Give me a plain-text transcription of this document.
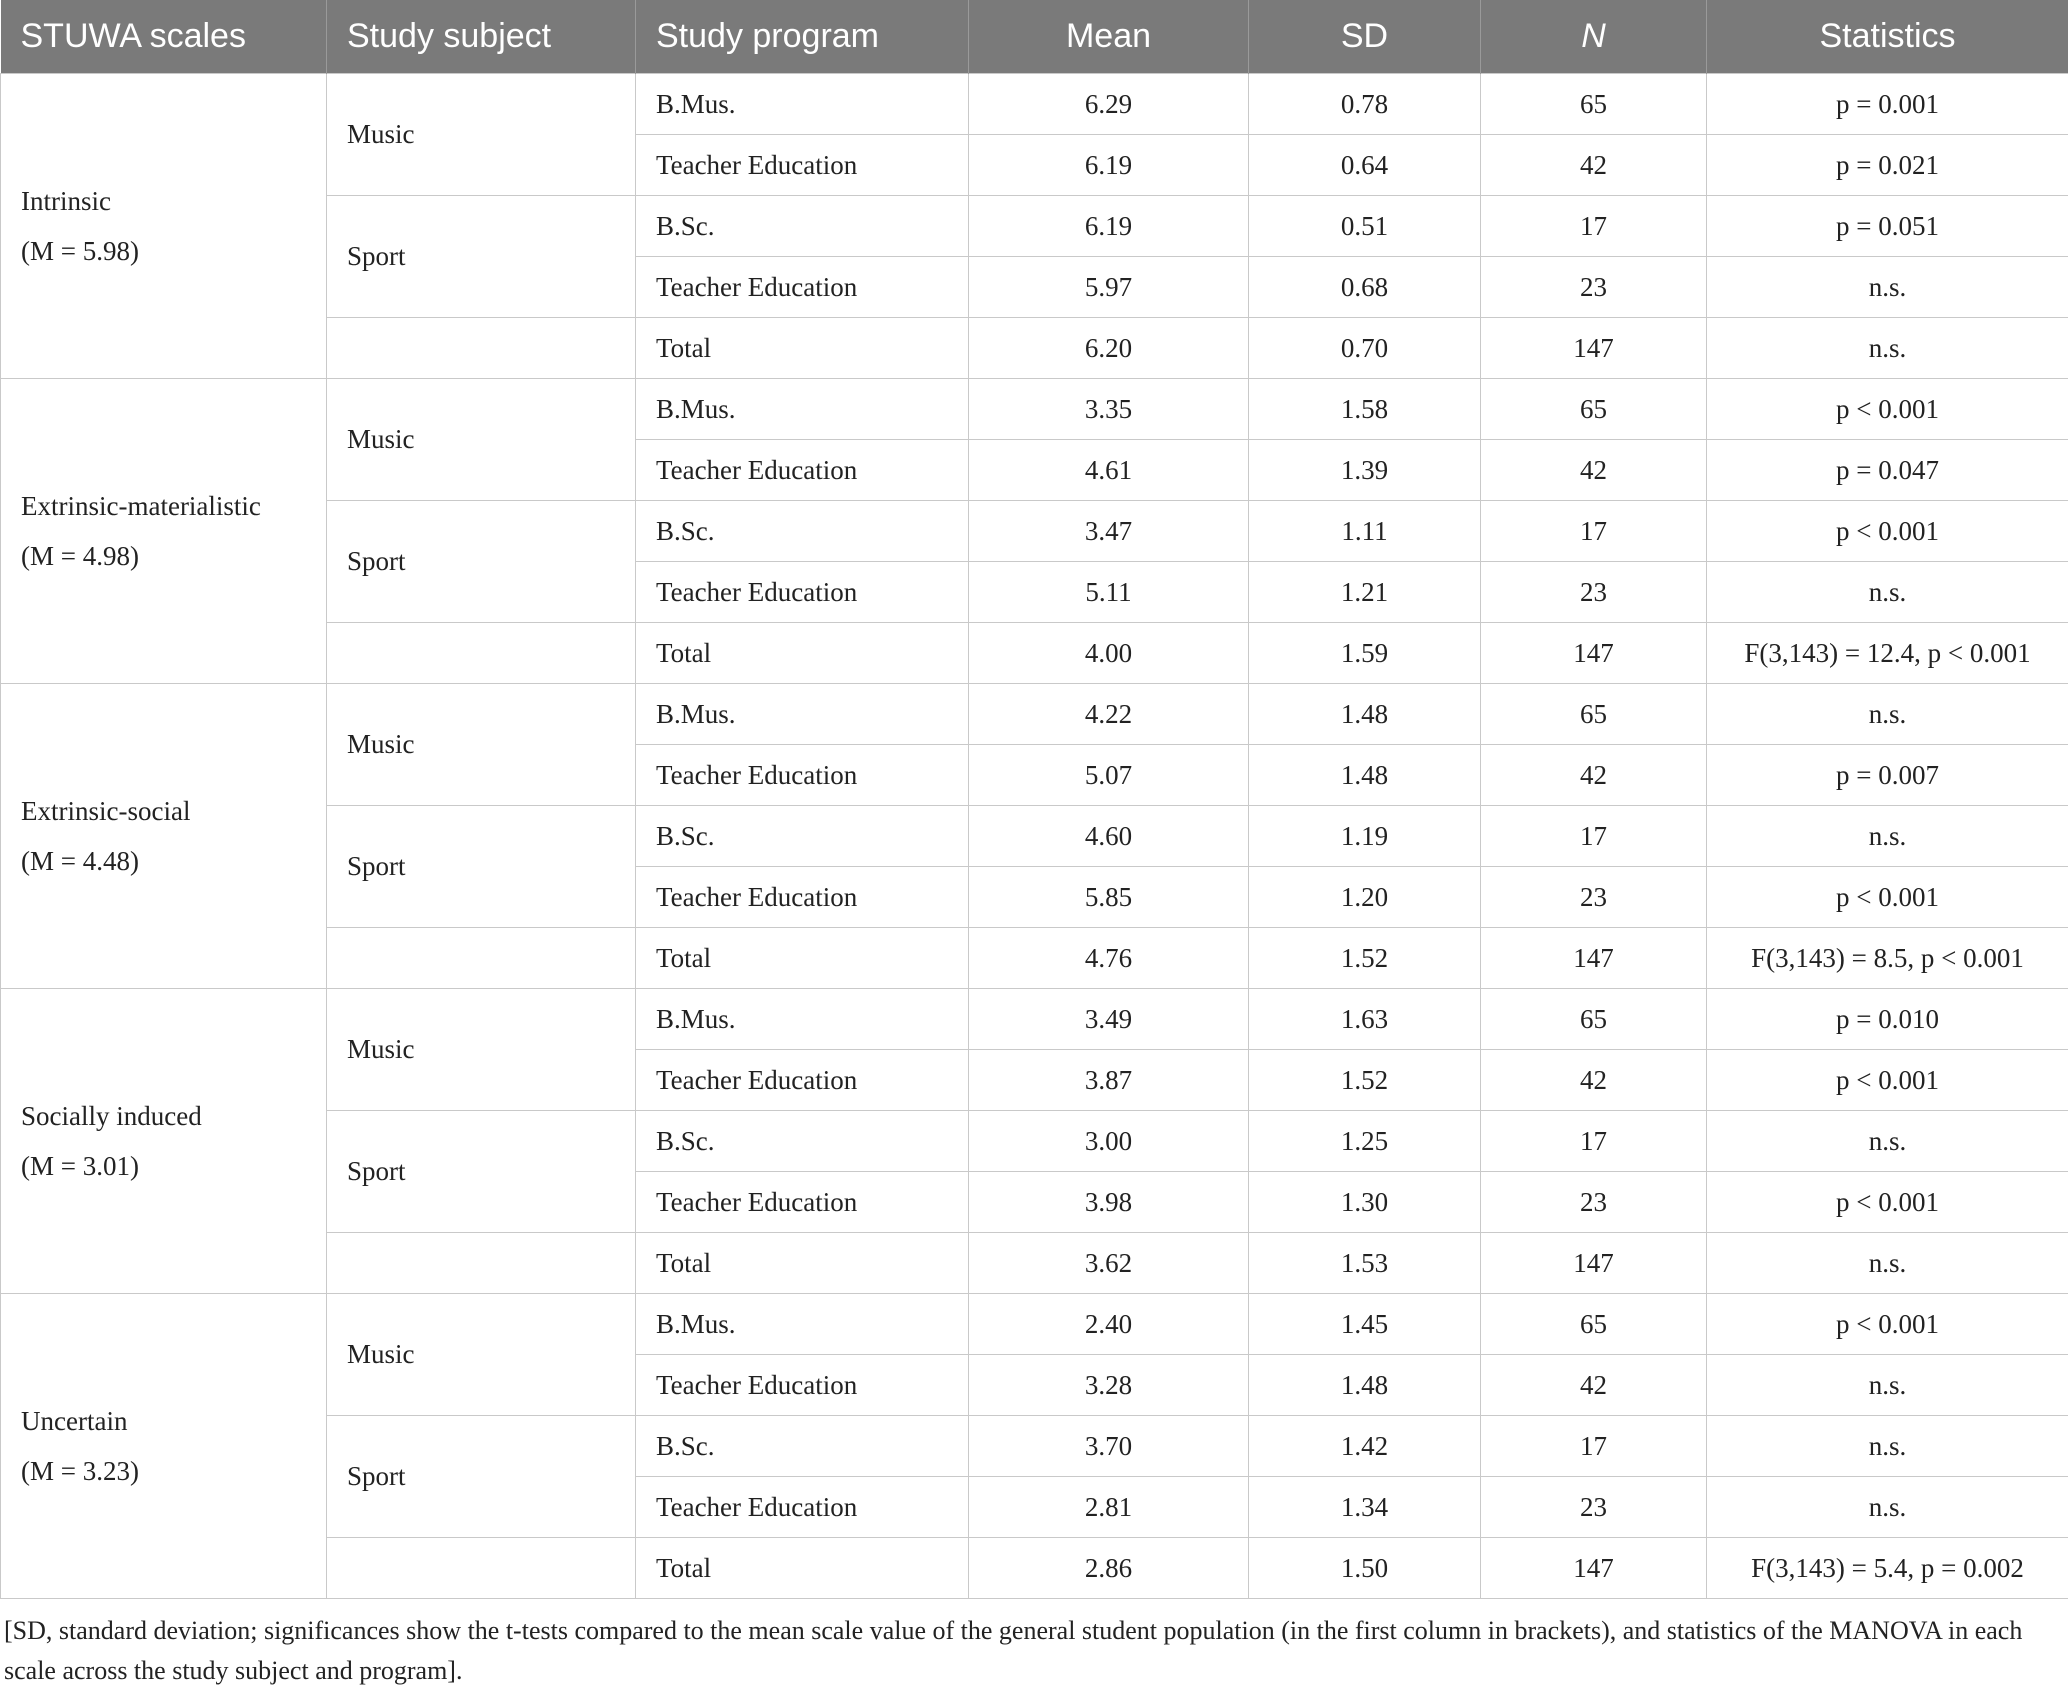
STUWA scales	Study subject	Study program	Mean	SD	N	Statistics

Intrinsic
(M = 5.98)	Music	B.Mus.	6.29	0.78	65	p = 0.001
		Teacher Education	6.19	0.64	42	p = 0.021
	Sport	B.Sc.	6.19	0.51	17	p = 0.051
		Teacher Education	5.97	0.68	23	n.s.
		Total	6.20	0.70	147	n.s.

Extrinsic-materialistic
(M = 4.98)	Music	B.Mus.	3.35	1.58	65	p < 0.001
		Teacher Education	4.61	1.39	42	p = 0.047
	Sport	B.Sc.	3.47	1.11	17	p < 0.001
		Teacher Education	5.11	1.21	23	n.s.
		Total	4.00	1.59	147	F(3,143) = 12.4, p < 0.001

Extrinsic-social
(M = 4.48)	Music	B.Mus.	4.22	1.48	65	n.s.
		Teacher Education	5.07	1.48	42	p = 0.007
	Sport	B.Sc.	4.60	1.19	17	n.s.
		Teacher Education	5.85	1.20	23	p < 0.001
		Total	4.76	1.52	147	F(3,143) = 8.5, p < 0.001

Socially induced
(M = 3.01)	Music	B.Mus.	3.49	1.63	65	p = 0.010
		Teacher Education	3.87	1.52	42	p < 0.001
	Sport	B.Sc.	3.00	1.25	17	n.s.
		Teacher Education	3.98	1.30	23	p < 0.001
		Total	3.62	1.53	147	n.s.

Uncertain
(M = 3.23)	Music	B.Mus.	2.40	1.45	65	p < 0.001
		Teacher Education	3.28	1.48	42	n.s.
	Sport	B.Sc.	3.70	1.42	17	n.s.
		Teacher Education	2.81	1.34	23	n.s.
		Total	2.86	1.50	147	F(3,143) = 5.4, p = 0.002
[SD, standard deviation; significances show the t-tests compared to the mean scale value of the general student population (in the first column in brackets), and statistics of the MANOVA in each scale across the study subject and program].
